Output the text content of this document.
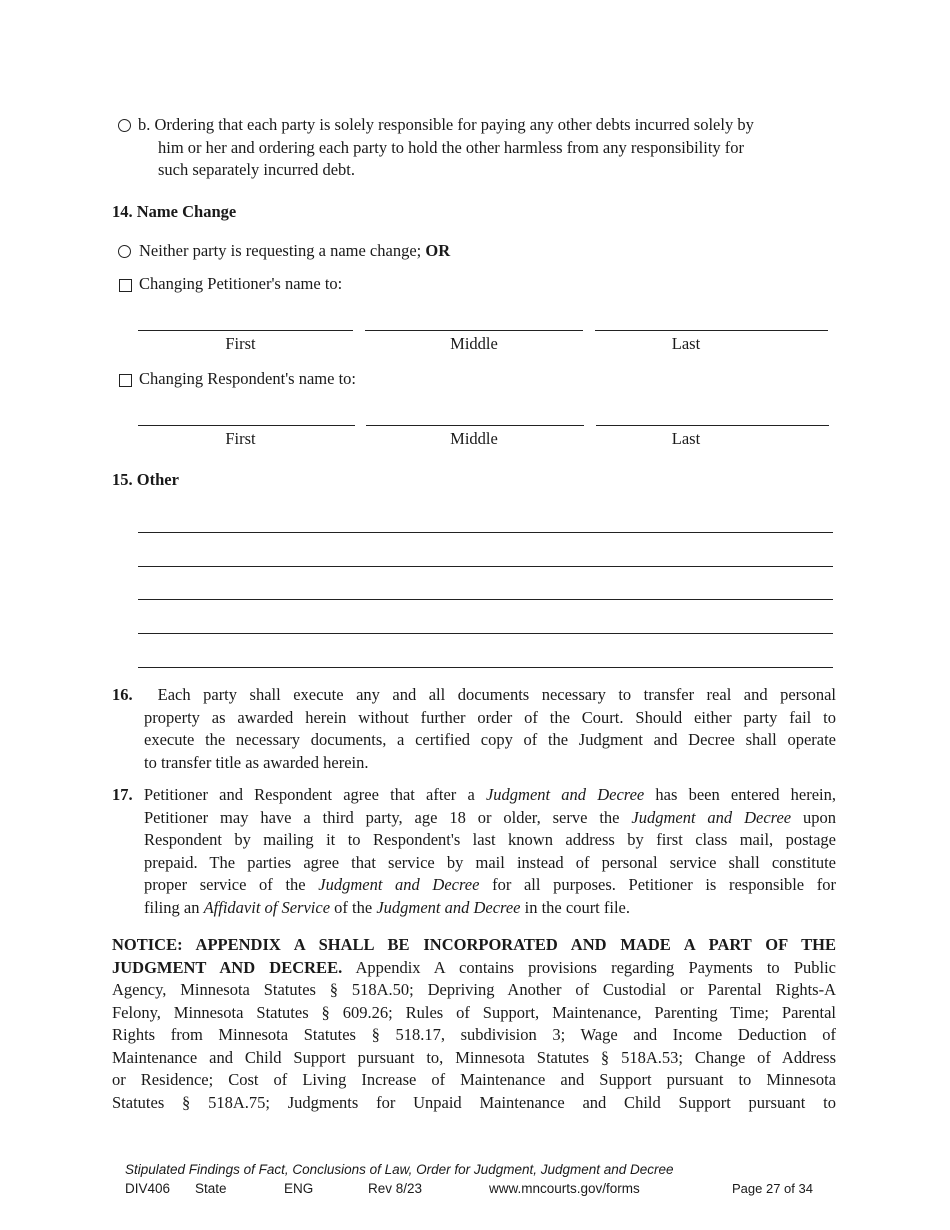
b. Ordering that each party is solely responsible for paying any other debts incurred solely by
him or her and ordering each party to hold the other harmless from any responsibility for
such separately incurred debt.
14. Name Change
Neither party is requesting a name change; OR
Changing Petitioner's name to:
First	Middle	Last
Changing Respondent's name to:
First	Middle	Last
15. Other
16. Each party shall execute any and all documents necessary to transfer real and personal
property as awarded herein without further order of the Court. Should either party fail to
execute the necessary documents, a certified copy of the Judgment and Decree shall operate
to transfer title as awarded herein.
17. Petitioner and Respondent agree that after a Judgment and Decree has been entered herein,
Petitioner may have a third party, age 18 or older, serve the Judgment and Decree upon
Respondent by mailing it to Respondent's last known address by first class mail, postage
prepaid. The parties agree that service by mail instead of personal service shall constitute
proper service of the Judgment and Decree for all purposes. Petitioner is responsible for
filing an Affidavit of Service of the Judgment and Decree in the court file.
NOTICE: APPENDIX A SHALL BE INCORPORATED AND MADE A PART OF THE
JUDGMENT AND DECREE. Appendix A contains provisions regarding Payments to Public
Agency, Minnesota Statutes § 518A.50; Depriving Another of Custodial or Parental Rights-A
Felony, Minnesota Statutes § 609.26; Rules of Support, Maintenance, Parenting Time; Parental
Rights from Minnesota Statutes § 518.17, subdivision 3; Wage and Income Deduction of
Maintenance and Child Support pursuant to, Minnesota Statutes § 518A.53; Change of Address
or Residence; Cost of Living Increase of Maintenance and Support pursuant to Minnesota
Statutes § 518A.75; Judgments for Unpaid Maintenance and Child Support pursuant to
Stipulated Findings of Fact, Conclusions of Law, Order for Judgment, Judgment and Decree
DIV406 State	ENG	Rev 8/23	www.mncourts.gov/forms	Page 27 of 34
